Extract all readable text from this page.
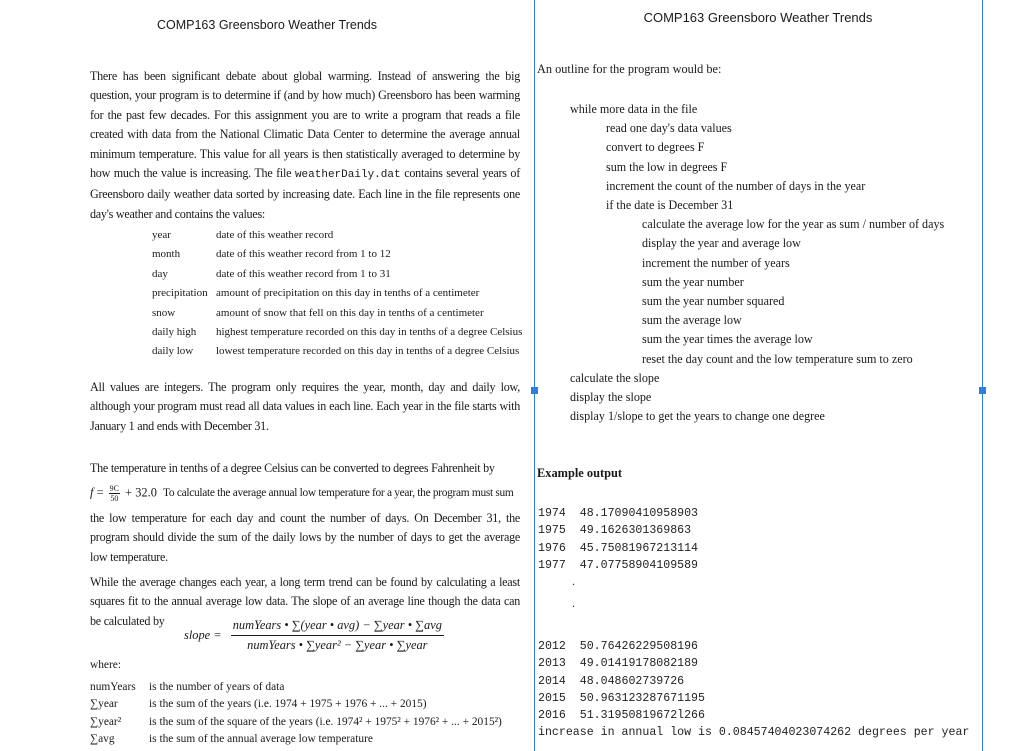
COMP163 Greensboro Weather Trends
There has been significant debate about global warming. Instead of answering the big question, your program is to determine if (and by how much) Greensboro has been warming for the past few decades. For this assignment you are to write a program that reads a file created with data from the National Climatic Data Center to determine the average annual minimum temperature. This value for all years is then statistically averaged to determine by how much the value is increasing. The file weatherDaily.dat contains several years of Greensboro daily weather data sorted by increasing date. Each line in the file represents one day's weather and contains the values:
year	date of this weather record
month	date of this weather record from 1 to 12
day	date of this weather record from 1 to 31
precipitation amount of precipitation on this day in tenths of a centimeter
snow	amount of snow that fell on this day in tenths of a centimeter
daily high	highest temperature recorded on this day in tenths of a degree Celsius
daily low	lowest temperature recorded on this day in tenths of a degree Celsius
All values are integers. The program only requires the year, month, day and daily low, although your program must read all data values in each line. Each year in the file starts with January 1 and ends with December 31.
The temperature in tenths of a degree Celsius can be converted to degrees Fahrenheit by
$f = \frac{9C}{50} + 32.0$ To calculate the average annual low temperature for a year, the program must sum
the low temperature for each day and count the number of days. On December 31, the program should divide the sum of the daily lows by the number of days to get the average low temperature.
While the average changes each year, a long term trend can be found by calculating a least squares fit to the annual average low data. The slope of an average line though the data can be calculated by
slope = $\frac{\text{numYears • ∑(year • avg) − ∑year • ∑avg}}{\text{numYears • ∑year² − ∑year • ∑year}}$
where:
numYears	is the number of years of data
∑year	is the sum of the years (i.e. 1974 + 1975 + 1976 + ... + 2015)
∑year²	is the sum of the square of the years (i.e. 1974² + 1975² + 1976² + ... + 2015²)
∑avg	is the sum of the annual average low temperature
COMP163 Greensboro Weather Trends
An outline for the program would be:
while more data in the file
read one day's data values
convert to degrees F
sum the low in degrees F
increment the count of the number of days in the year
if the date is December 31
calculate the average low for the year as sum / number of days
display the year and average low
increment the number of years
sum the year number
sum the year number squared
sum the average low
sum the year times the average low
reset the day count and the low temperature sum to zero
calculate the slope
display the slope
display 1/slope to get the years to change one degree
Example output
1974  48.17090410958903
1975  49.1626301369863
1976  45.75081967213114
1977  47.07758904109589
.
.
2012  50.76426229508196
2013  49.01419178082189
2014  48.048602739726
2015  50.963123287671195
2016  51.31950819672l266
increase in annual low is 0.08457404023074262 degrees per year
